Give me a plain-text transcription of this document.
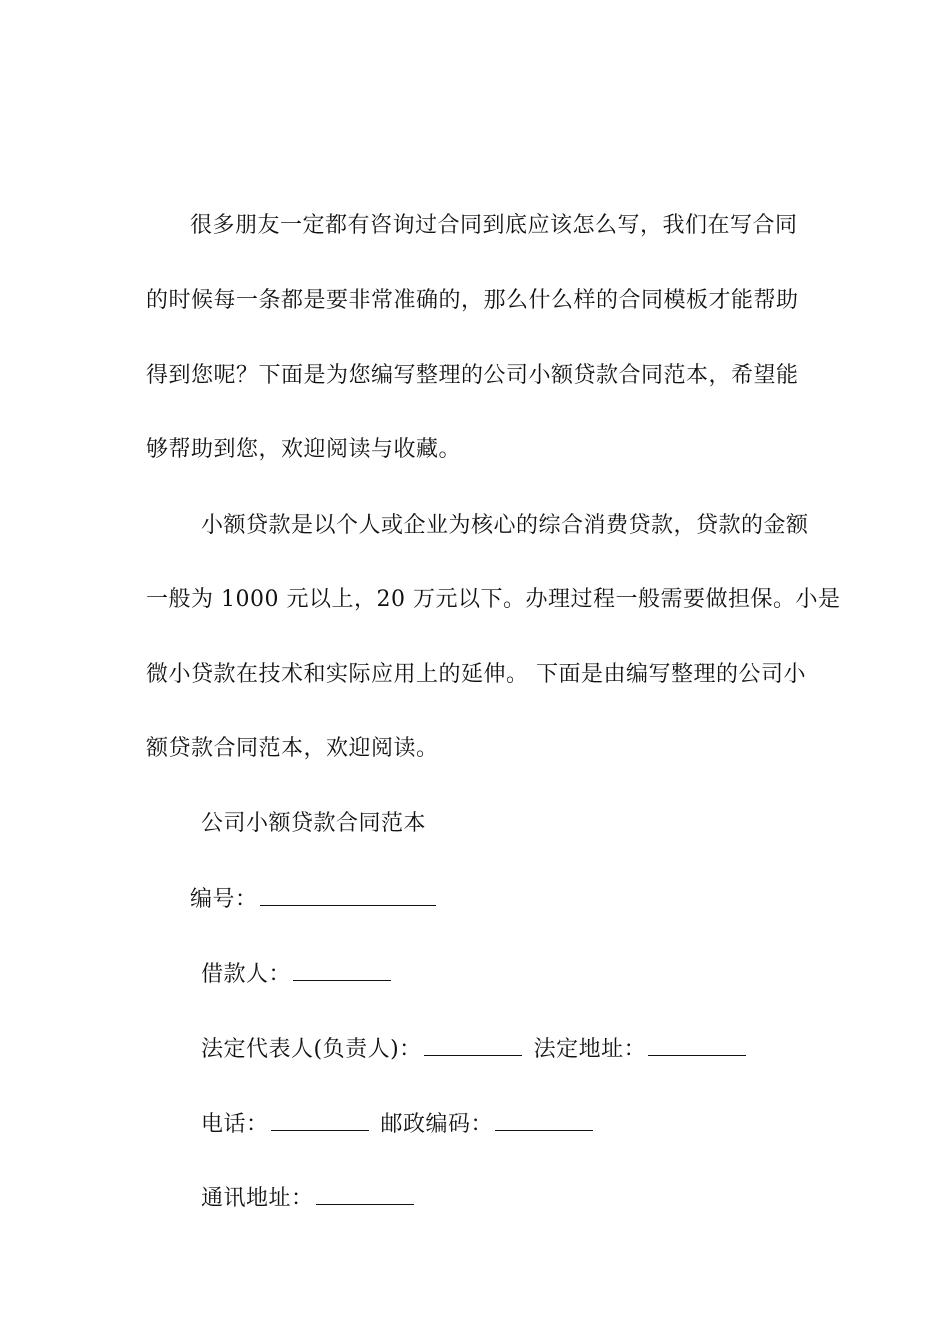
很多朋友一定都有咨询过合同到底应该怎么写，我们在写合同
的时候每一条都是要非常准确的，那么什么样的合同模板才能帮助
得到您呢？下面是为您编写整理的公司小额贷款合同范本，希望能
够帮助到您，欢迎阅读与收藏。
小额贷款是以个人或企业为核心的综合消费贷款，贷款的金额
一般为 1000 元以上，20 万元以下。办理过程一般需要做担保。小是
微小贷款在技术和实际应用上的延伸。 下面是由编写整理的公司小
额贷款合同范本，欢迎阅读。
公司小额贷款合同范本
编号：
借款人：
法定代表人(负责人)：	法定地址：
电话：	邮政编码：
通讯地址：
